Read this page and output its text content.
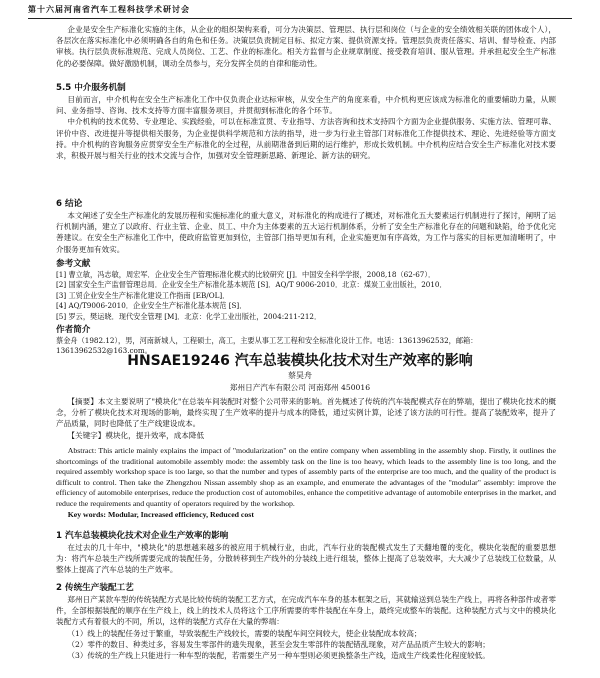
第十六届河南省汽车工程科技学术研讨会

企业是安全生产标准化实施的主体，从企业的组织架构来看，可分为决策层、管理层、执行层和岗位（与企业的安全绩效相关联的团体或个人），各层次在落实标准化中必须明确各自的角色和任务。决策层负责制定目标、拟定方案、提供资源支持。管理层负责责任落实、培训、督导检查、内部审核。执行层负责标准规范、完成人员岗位、工艺、作业的标准化。相关方监督与企业规章制度、接受教育培训、服从管理。并承担起安全生产标准化的必要保障。做好激励机制，调动全员参与，充分发挥全员的自律和能动性。

5.5 中介服务机制

目前而言，中介机构在安全生产标准化工作中仅负责企业达标审核，从安全生产的角度来看，中介机构更应该成为标准化的重要辅助力量，从顾问、业务指导、咨询、技术支持等方面丰富服务项目，并贯彻到标准化的各个环节。

中介机构的技术优势、专业理论、实践经验，可以在标准宣贯、专业指导、方法咨询和技术支持四个方面为企业提供服务、实施方法、管理可靠、评价中咨、改进提升等提供相关服务，为企业提供科学规范和方法的指导，进一步为行业主管部门对标准化工作提供技术、理论、先进经验等方面支持。中介机构的咨询服务应贯穿安全生产标准化的全过程，从前期准备到后期的运行维护，形成长效机制。中介机构应结合安全生产标准化对技术要求，积极开展与相关行业的技术交流与合作，加强对安全管理新思路、新理论、新方法的研究。

6 结论

本文阐述了安全生产标准化的发展历程和实施标准化的重大意义，对标准化的构成进行了概述，对标准化五大要素运行机制进行了探讨，阐明了运行机制内涵，建立了以政府、行业主管、企业、员工、中介为主体要素的五大运行机制体系，分析了安全生产标准化存在的问题和缺陷，给予优化完善建议。在安全生产标准化工作中，使政府监管更加到位，主管部门指导更加有利，企业实施更加有序高效，为工作与落实的目标更加清晰明了，中介服务更加有效实。

参考文献
[1] 曹立敏，冯志敏，周宏军．企业安全生产管理标准化模式的比较研究 [J]．中国安全科学学报，2008,18（62-67）．
[2] 国家安全生产监督管理总局．企业安全生产标准化基本规范 [S]．AQ/T 9006-2010．北京：煤炭工业出版社，2010．
[3] 工贸企业安全生产标准化建设工作指南 [EB/OL]．
[4] AQ/T9006-2010．企业安全生产标准化基本规范 [S]．
[5] 罗云，樊运晓．现代安全管理 [M]．北京：化学工业出版社，2004:211-212．
作者简介
蔡金舟（1982.12），男，河南新城人，工程硕士，高工，主要从事工艺工程和安全标准化设计工作。电话：13613962532，邮箱：13613962532@163.com。
HNSAE19246 汽车总装模块化技术对生产效率的影响
蔡昊舟
郑州日产汽车有限公司 河南郑州 450016

【摘要】本文主要说明了"模块化"在总装车间装配时对整个公司带来的影响。首先概述了传统的汽车装配模式存在的弊端，提出了模块化技术的概念，分析了模块化技术对现场的影响，最终实现了生产效率的提升与成本的降低，通过实例计算，论述了该方法的可行性。提高了装配效率，提升了产品质量，同时也降低了生产线建设成本。

【关键字】模块化，提升效率，成本降低

Abstract: This article mainly explains the impact of "modularization" on the entire company when assembling in the assembly shop. Firstly, it outlines the shortcomings of the traditional automobile assembly mode: the assembly task on the line is too heavy, which leads to the assembly line is too long, and the required assembly workshop space is too large, so that the number and types of assembly parts of the enterprise are too much, and the quality of the product is difficult to control. Then take the Zhengzhou Nissan assembly shop as an example, and enumerate the advantages of the "modular" assembly: improve the efficiency of automobile enterprises, reduce the production cost of automobiles, enhance the competitive advantage of automobile enterprises in the market, and reduce the requirements and quantity of operators required by the workshop.

Key words: Modular, Increased efficiency, Reduced cost

1 汽车总装模块化技术对企业生产效率的影响

在过去的几十年中，"模块化"的思想越来越多的被应用于机械行业，由此，汽车行业的装配模式发生了天翻地覆的变化，模块化装配的重要思想为：将汽车总装生产线所需要完成的装配任务，分散转移到生产线外的分装线上进行组装，整体上提高了总装效率，大大减少了总装线工位数量，从整体上提高了汽车总装的生产效率。

2 传统生产装配工艺

郑州日产某款车型的传统装配方式是比较传统的装配工艺方式，在完成汽车车身的基本框架之后，其就输送到总装生产线上，再将各种部件或者零件，全部根据装配的顺序在生产线上，线上的技术人员将这个工序所需要的零件装配在车身上，最终完成整车的装配。这种装配方式与文中的模块化装配方式有着很大的不同，所以，这样的装配方式存在大量的弊端：

（1）线上的装配任务过于繁重，导致装配生产线较长，需要的装配车间空间较大，使企业装配成本较高；

（2）零件的数目、种类过多，容易发生零部件的遗失现象，甚至会发生零部件的装配错乱现象，对产品品质产生较大的影响；

（3）传统的生产线上只能进行一种车型的装配，若需要生产另一种车型则必须更换整条生产线，造成生产线柔性化程度较低。
